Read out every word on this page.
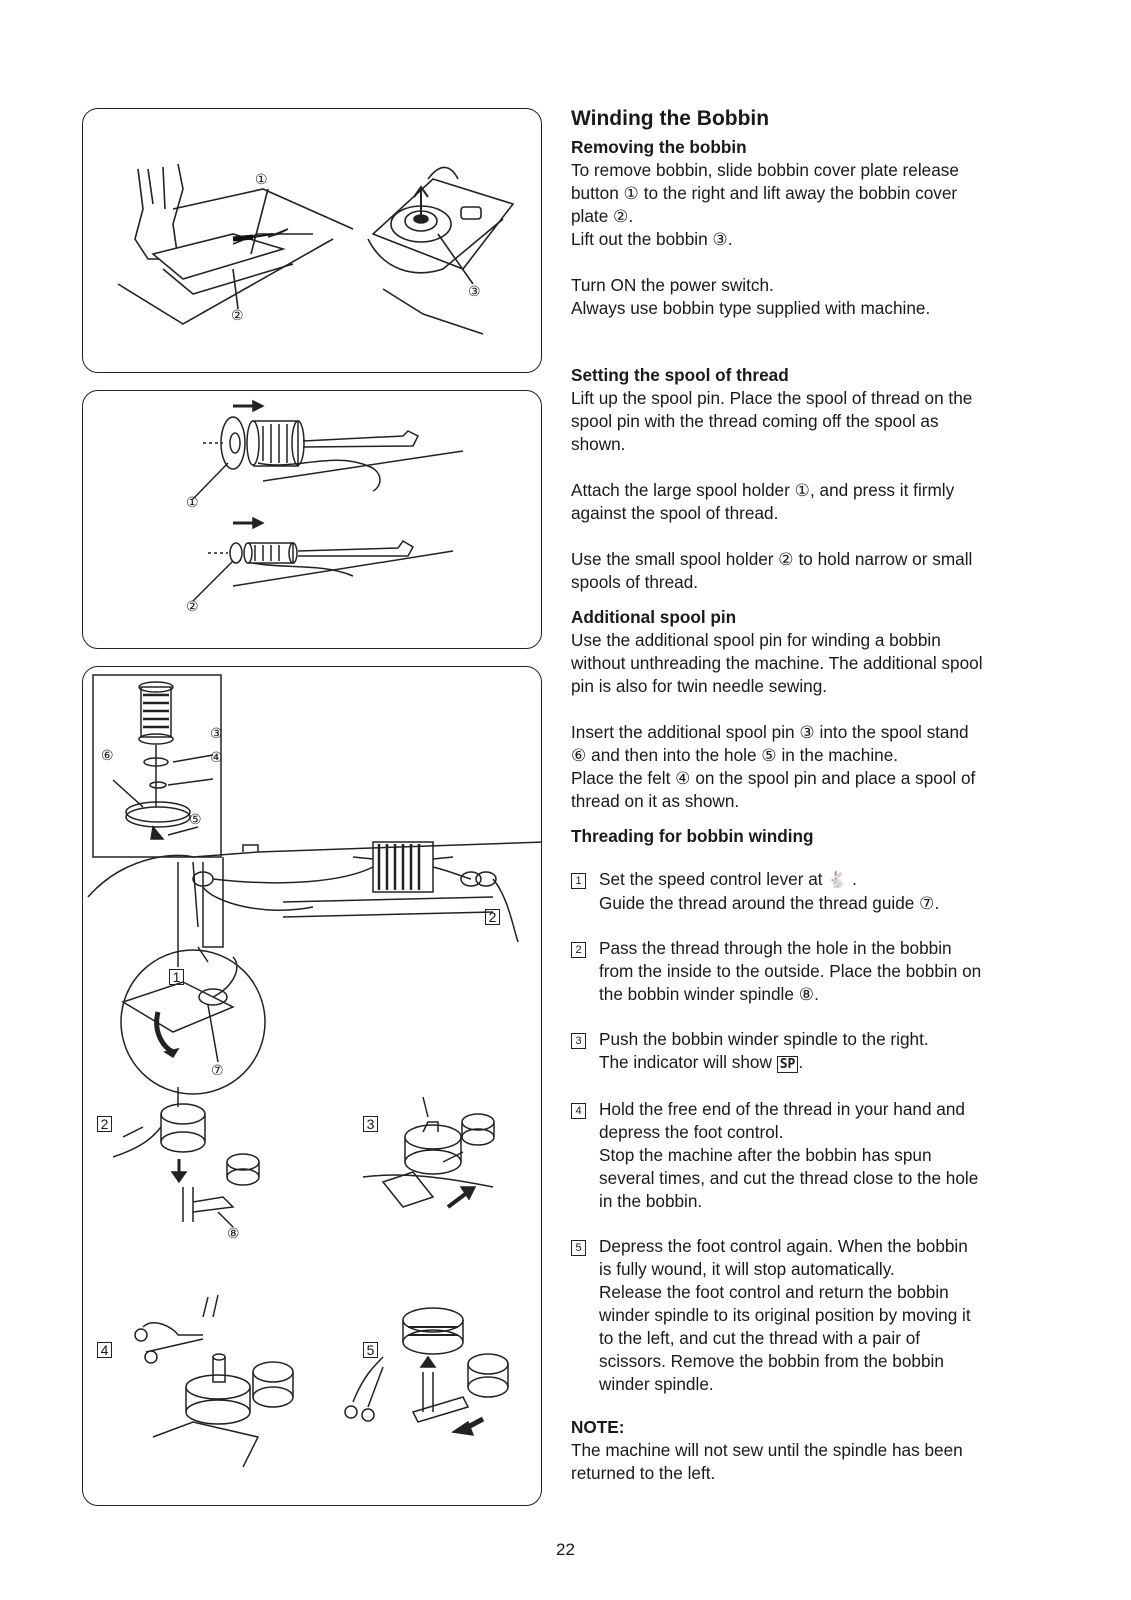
①
②
③
①
②
③
⑥	④
⑤
2
1
⑦
2	3
⑧
4	5
Winding the Bobbin
Removing the bobbin
To remove bobbin, slide bobbin cover plate release
button ① to the right and lift away the bobbin cover
plate ②.
Lift out the bobbin ③.
Turn ON the power switch.
Always use bobbin type supplied with machine.
Setting the spool of thread
Lift up the spool pin. Place the spool of thread on the
spool pin with the thread coming off the spool as
shown.
Attach the large spool holder ①, and press it firmly
against the spool of thread.
Use the small spool holder ② to hold narrow or small
spools of thread.
Additional spool pin
Use the additional spool pin for winding a bobbin
without unthreading the machine. The additional spool
pin is also for twin needle sewing.
Insert the additional spool pin ③ into the spool stand
⑥ and then into the hole ⑤ in the machine.
Place the felt ④ on the spool pin and place a spool of
thread on it as shown.
Threading for bobbin winding
1	Set the speed control lever at 🐇 .
Guide the thread around the thread guide ⑦.
2	Pass the thread through the hole in the bobbin
from the inside to the outside. Place the bobbin on
the bobbin winder spindle ⑧.
3	Push the bobbin winder spindle to the right.
The indicator will show SP .
4	Hold the free end of the thread in your hand and
depress the foot control.
Stop the machine after the bobbin has spun
several times, and cut the thread close to the hole
in the bobbin.
5	Depress the foot control again. When the bobbin
is fully wound, it will stop automatically.
Release the foot control and return the bobbin
winder spindle to its original position by moving it
to the left, and cut the thread with a pair of
scissors. Remove the bobbin from the bobbin
winder spindle.
NOTE:
The machine will not sew until the spindle has been
returned to the left.
22
